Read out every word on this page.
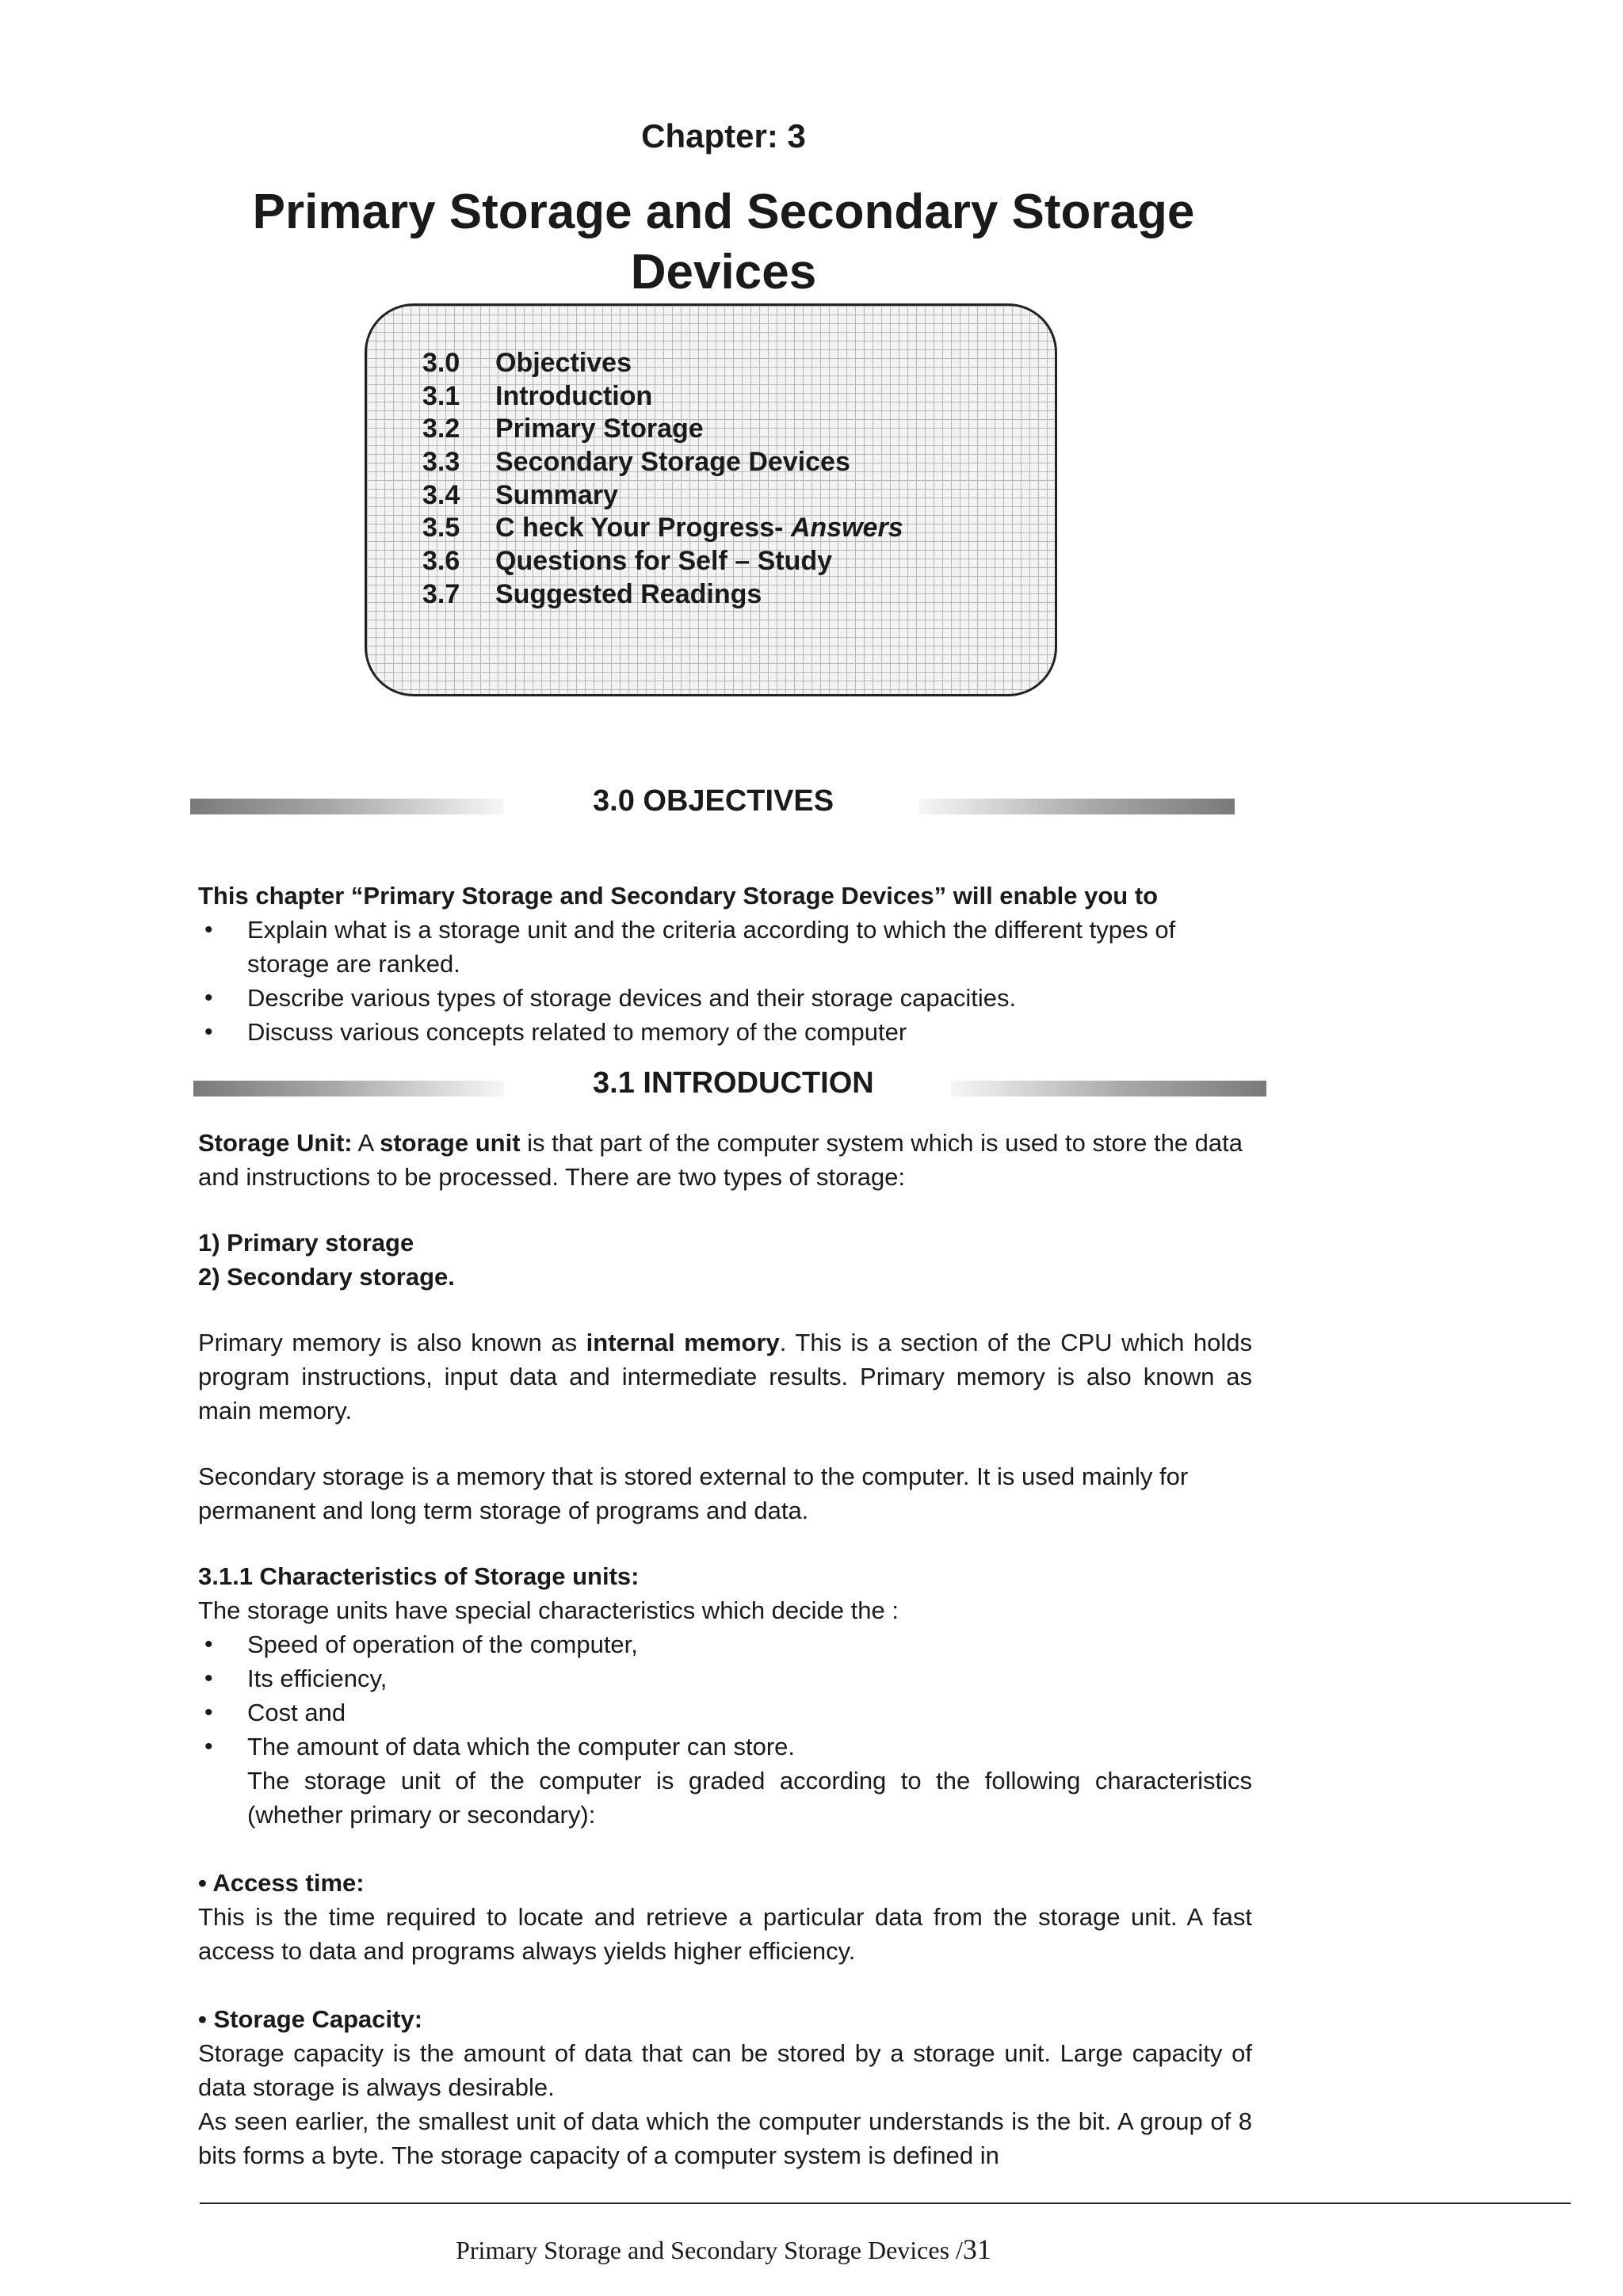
Chapter: 3
Primary Storage and Secondary Storage
Devices
3.0 Objectives
3.1 Introduction
3.2 Primary Storage
3.3 Secondary Storage Devices
3.4 Summary
3.5 C heck Your Progress- Answers
3.6 Questions for Self – Study
3.7 Suggested Readings
3.0 OBJECTIVES

This chapter “Primary Storage and Secondary Storage Devices” will enable you to

• Explain what is a storage unit and the criteria according to which the different types of storage are ranked.
• Describe various types of storage devices and their storage capacities.
• Discuss various concepts related to memory of the computer
3.1 INTRODUCTION

Storage Unit: A storage unit is that part of the computer system which is used to store the data and instructions to be processed. There are two types of storage:

1) Primary storage

2) Secondary storage.

Primary memory is also known as internal memory. This is a section of the CPU which holds program instructions, input data and intermediate results. Primary memory is also known as main memory.

Secondary storage is a memory that is stored external to the computer. It is used mainly for permanent and long term storage of programs and data.

3.1.1 Characteristics of Storage units:

The storage units have special characteristics which decide the :

• Speed of operation of the computer,
• Its efficiency,
• Cost and
• The amount of data which the computer can store.

The storage unit of the computer is graded according to the following characteristics (whether primary or secondary):

• Access time:

This is the time required to locate and retrieve a particular data from the storage unit. A fast access to data and programs always yields higher efficiency.

• Storage Capacity:

Storage capacity is the amount of data that can be stored by a storage unit. Large capacity of data storage is always desirable.

As seen earlier, the smallest unit of data which the computer understands is the bit. A group of 8 bits forms a byte. The storage capacity of a computer system is defined in

Primary Storage and Secondary Storage Devices /31
